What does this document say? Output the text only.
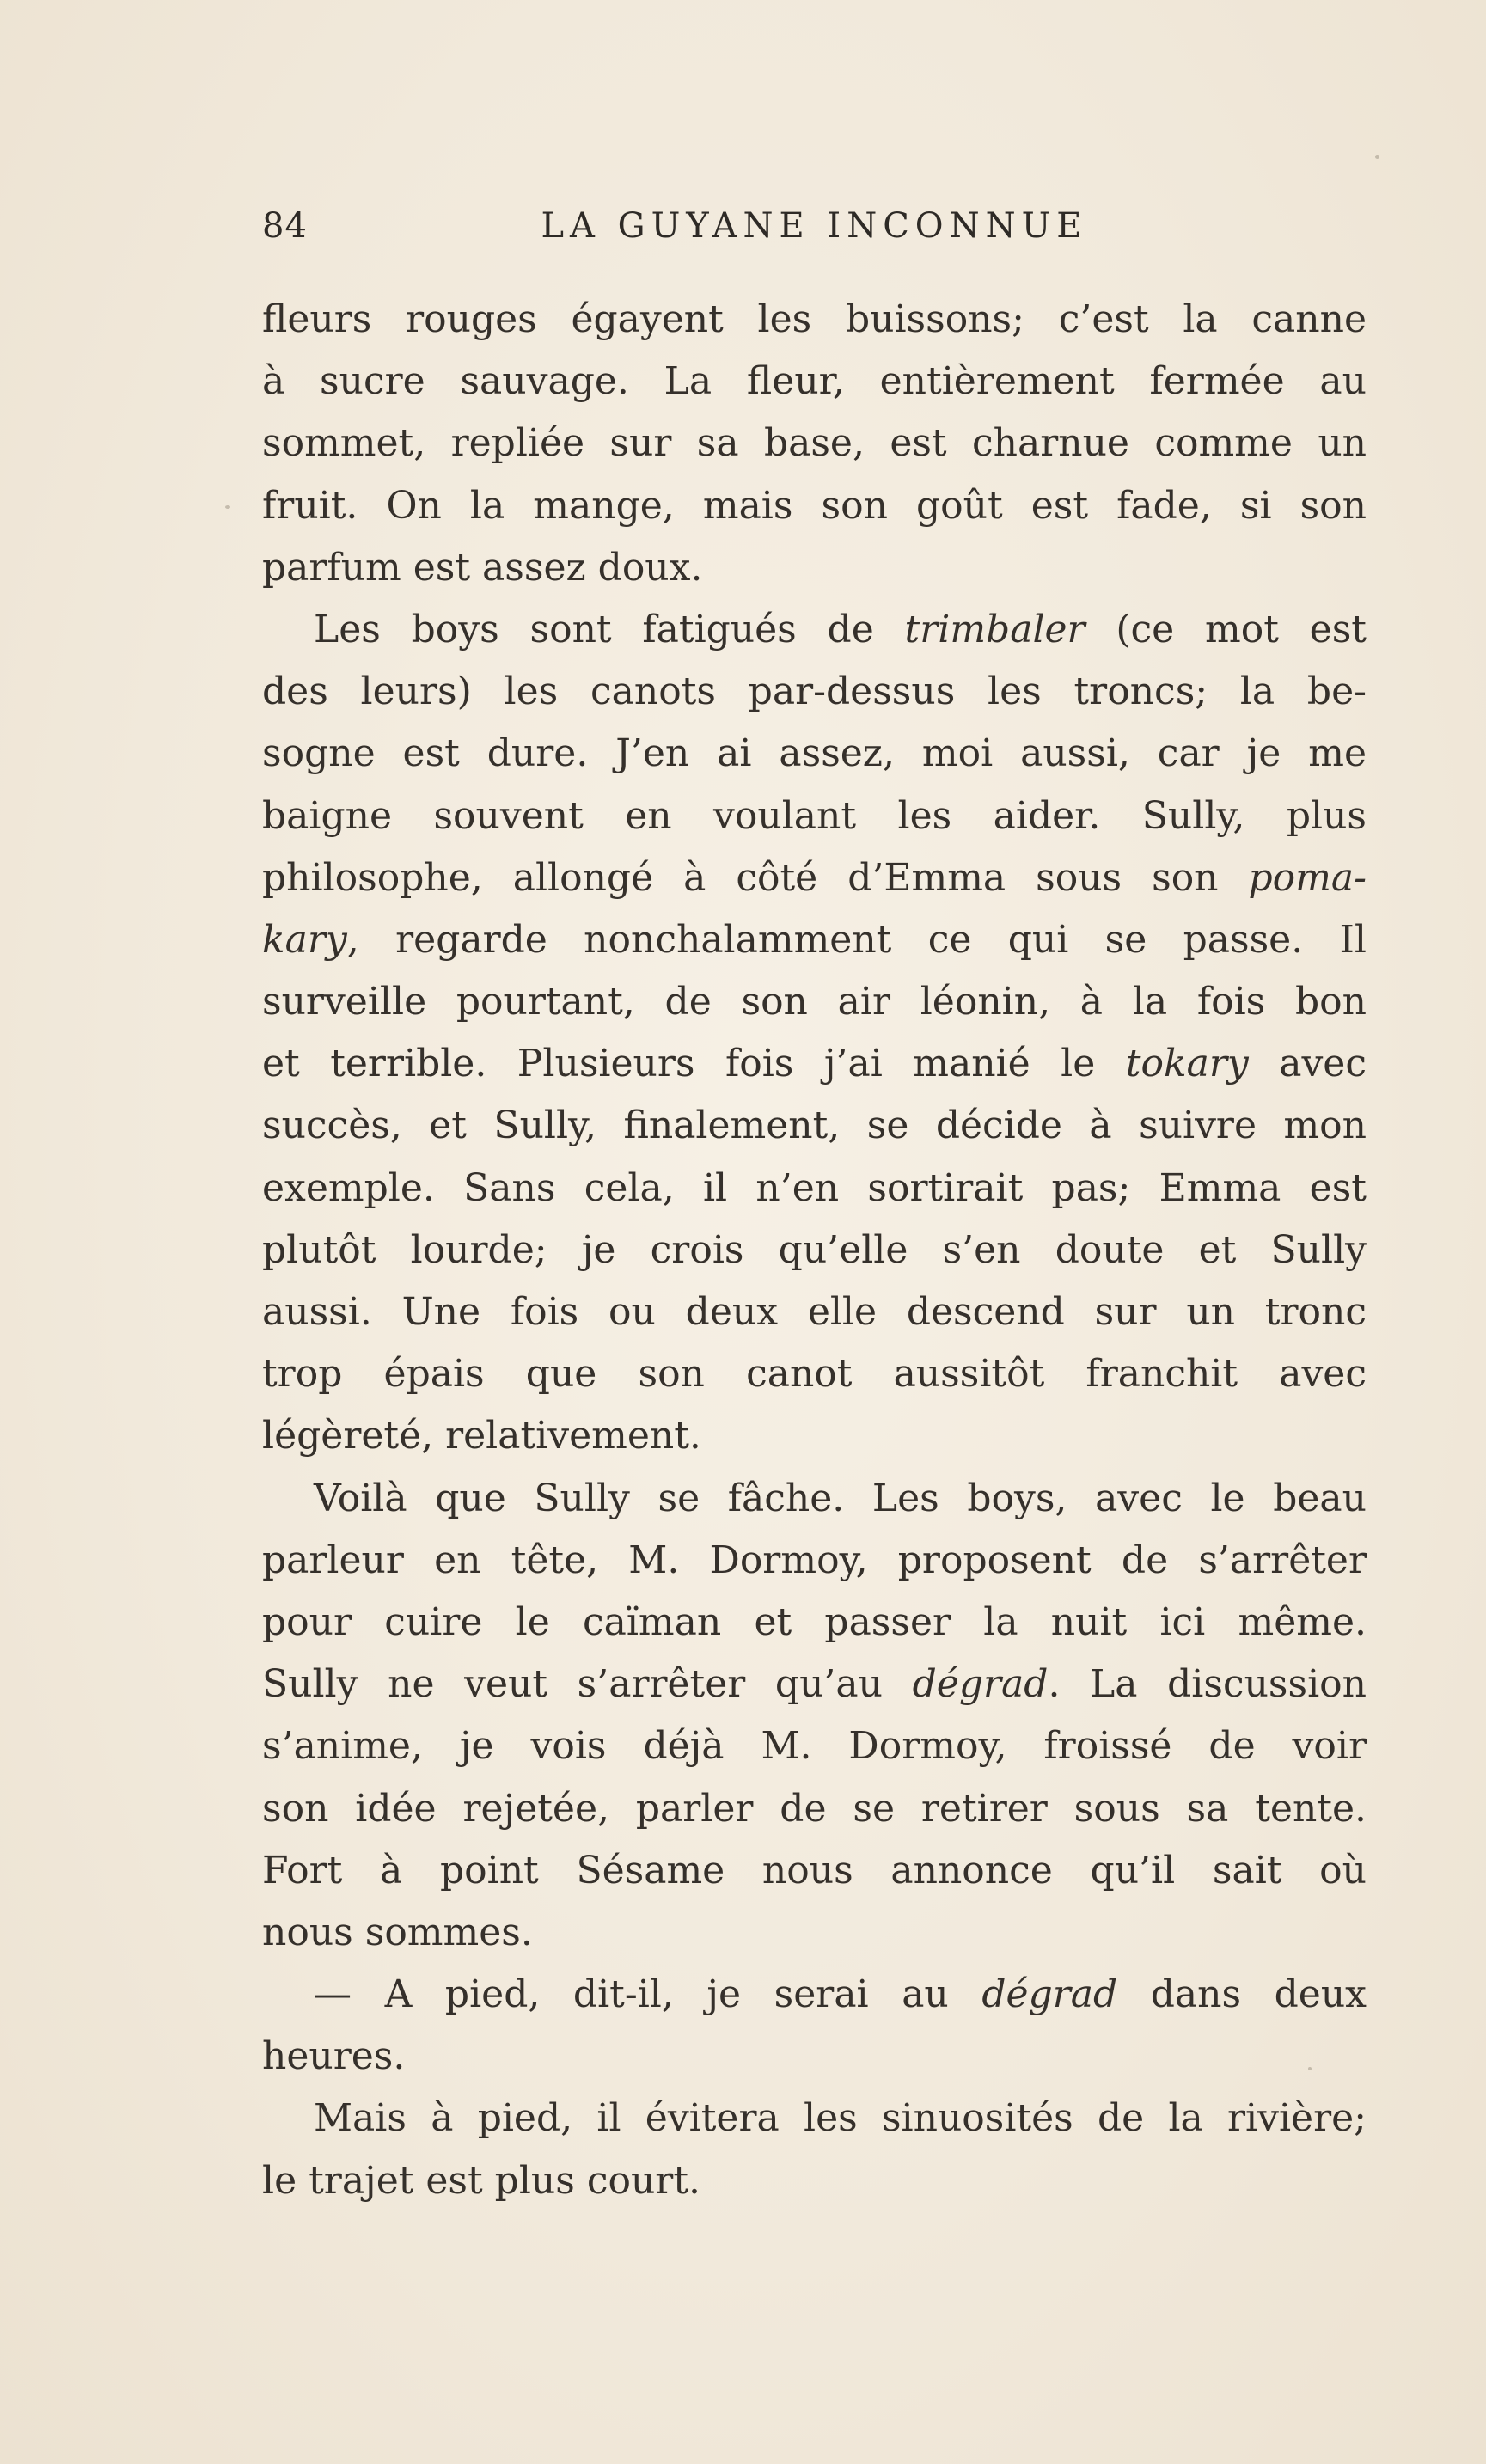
84	LA GUYANE INCONNUE
fleurs rouges égayent les buissons; c’est la canne
à sucre sauvage. La fleur, entièrement fermée au
sommet, repliée sur sa base, est charnue comme un
fruit. On la mange, mais son goût est fade, si son
parfum est assez doux.
Les boys sont fatigués de trimbaler (ce mot est
des leurs) les canots par-dessus les troncs; la be-
sogne est dure. J’en ai assez, moi aussi, car je me
baigne souvent en voulant les aider. Sully, plus
philosophe, allongé à côté d’Emma sous son poma-
kary, regarde nonchalamment ce qui se passe. Il
surveille pourtant, de son air léonin, à la fois bon
et terrible. Plusieurs fois j’ai manié le tokary avec
succès, et Sully, finalement, se décide à suivre mon
exemple. Sans cela, il n’en sortirait pas; Emma est
plutôt lourde; je crois qu’elle s’en doute et Sully
aussi. Une fois ou deux elle descend sur un tronc
trop épais que son canot aussitôt franchit avec
légèreté, relativement.
Voilà que Sully se fâche. Les boys, avec le beau
parleur en tête, M. Dormoy, proposent de s’arrêter
pour cuire le caïman et passer la nuit ici même.
Sully ne veut s’arrêter qu’au dégrad. La discussion
s’anime, je vois déjà M. Dormoy, froissé de voir
son idée rejetée, parler de se retirer sous sa tente.
Fort à point Sésame nous annonce qu’il sait où
nous sommes.
— A pied, dit-il, je serai au dégrad dans deux
heures.
Mais à pied, il évitera les sinuosités de la rivière;
le trajet est plus court.
